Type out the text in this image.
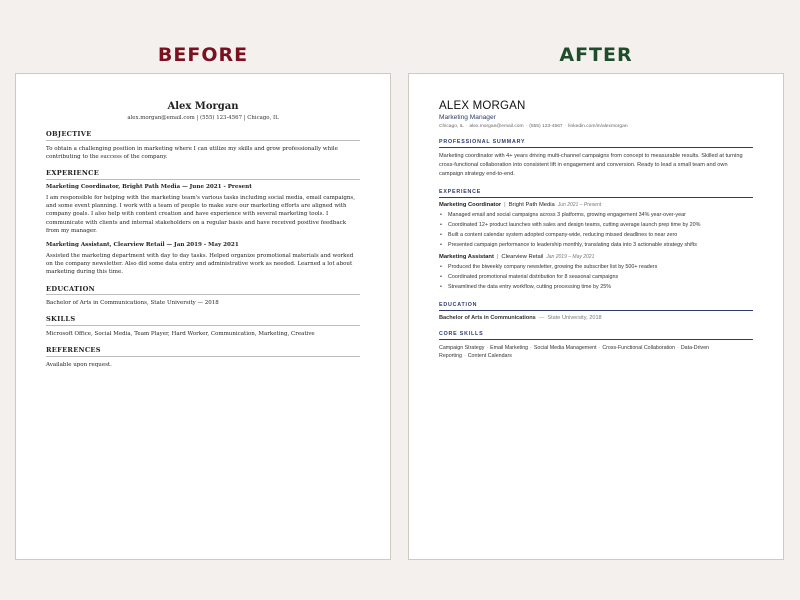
BEFORE	AFTER
Alex Morgan
alex.morgan@email.com | (555) 123-4567 | Chicago, IL
OBJECTIVE

To obtain a challenging position in marketing where I can utilize my skills and grow professionally while contributing to the success of the company.

EXPERIENCE

Marketing Coordinator, Bright Path Media — June 2021 - Present

I am responsible for helping with the marketing team's various tasks including social media, email campaigns, and some event planning. I work with a team of people to make sure our marketing efforts are aligned with company goals. I also help with content creation and have experience with several marketing tools. I communicate with clients and internal stakeholders on a regular basis and have received positive feedback from my manager.

Marketing Assistant, Clearview Retail — Jan 2019 - May 2021

Assisted the marketing department with day to day tasks. Helped organize promotional materials and worked on the company newsletter. Also did some data entry and administrative work as needed. Learned a lot about marketing during this time.

EDUCATION

Bachelor of Arts in Communications, State University — 2018

SKILLS

Microsoft Office, Social Media, Team Player, Hard Worker, Communication, Marketing, Creative

REFERENCES

Available upon request.

ALEX MORGAN
Marketing Manager
Chicago, IL · alex.morgan@email.com · (555) 123-4567 · linkedin.com/in/alexmorgan
PROFESSIONAL SUMMARY

Marketing coordinator with 4+ years driving multi-channel campaigns from concept to measurable results. Skilled at turning cross-functional collaboration into consistent lift in engagement and conversion. Ready to lead a small team and own campaign strategy end-to-end.

EXPERIENCE
Marketing Coordinator | Bright Path Media Jun 2021 – Present
• Managed email and social campaigns across 3 platforms, growing engagement 34% year-over-year
• Coordinated 12+ product launches with sales and design teams, cutting average launch prep time by 20%
• Built a content calendar system adopted company-wide, reducing missed deadlines to near zero
• Presented campaign performance to leadership monthly, translating data into 3 actionable strategy shifts
Marketing Assistant | Clearview Retail Jan 2019 – May 2021
• Produced the biweekly company newsletter, growing the subscriber list by 500+ readers
• Coordinated promotional material distribution for 8 seasonal campaigns
• Streamlined the data entry workflow, cutting processing time by 25%
EDUCATION
Bachelor of Arts in Communications — State University, 2018
CORE SKILLS
Campaign Strategy · Email Marketing · Social Media Management · Cross-Functional Collaboration · Data-Driven Reporting · Content Calendars
